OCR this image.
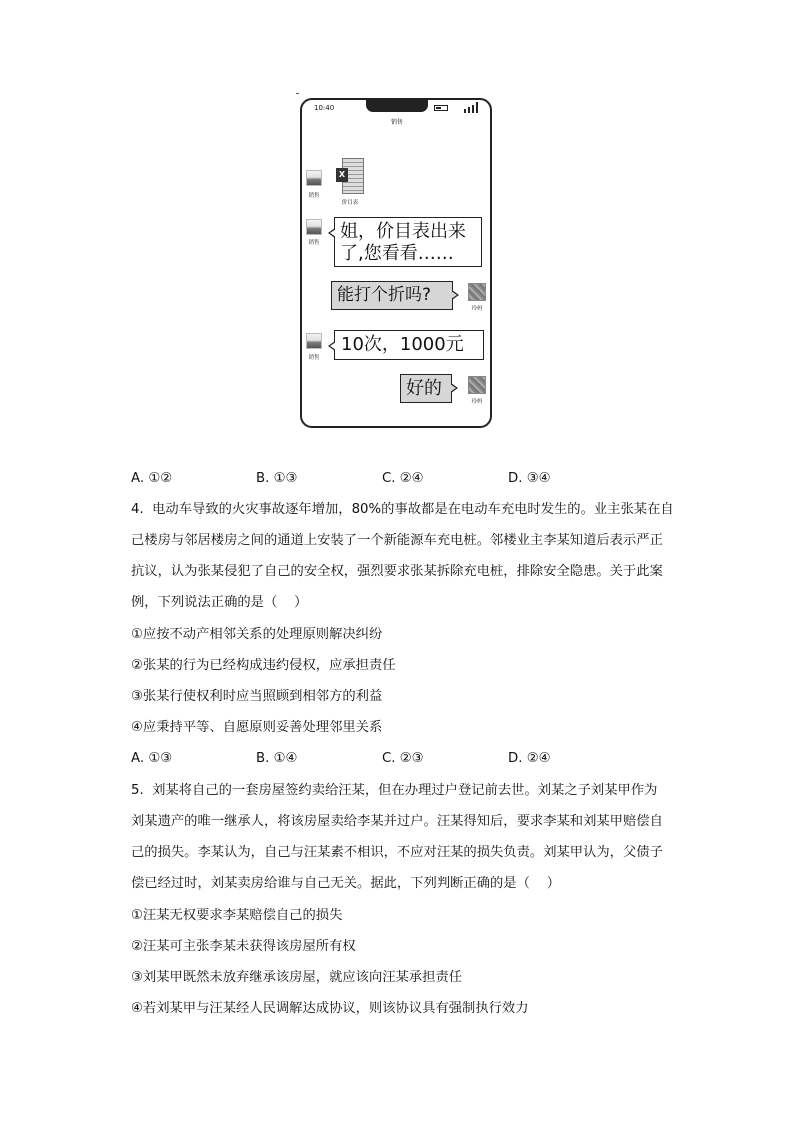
10:40
销售
销售
X
价目表
销售
姐，价目表出来
了,您看看……
能打个折吗?
玲妈
销售
10次，1000元
好的
玲妈
A. ①②	B. ①③	C. ②④	D. ③④
4.  电动车导致的火灾事故逐年增加，80%的事故都是在电动车充电时发生的。业主张某在自
己楼房与邻居楼房之间的通道上安装了一个新能源车充电桩。邻楼业主李某知道后表示严正
抗议，认为张某侵犯了自己的安全权，强烈要求张某拆除充电桩，排除安全隐患。关于此案
例，下列说法正确的是（    ）
①应按不动产相邻关系的处理原则解决纠纷
②张某的行为已经构成违约侵权，应承担责任
③张某行使权利时应当照顾到相邻方的利益
④应秉持平等、自愿原则妥善处理邻里关系
A. ①③	B. ①④	C. ②③	D. ②④
5.  刘某将自己的一套房屋签约卖给汪某，但在办理过户登记前去世。刘某之子刘某甲作为
刘某遗产的唯一继承人，将该房屋卖给李某并过户。汪某得知后，要求李某和刘某甲赔偿自
己的损失。李某认为，自己与汪某素不相识，不应对汪某的损失负责。刘某甲认为，父债子
偿已经过时，刘某卖房给谁与自己无关。据此，下列判断正确的是（    ）
①汪某无权要求李某赔偿自己的损失
②汪某可主张李某未获得该房屋所有权
③刘某甲既然未放弃继承该房屋，就应该向汪某承担责任
④若刘某甲与汪某经人民调解达成协议，则该协议具有强制执行效力
